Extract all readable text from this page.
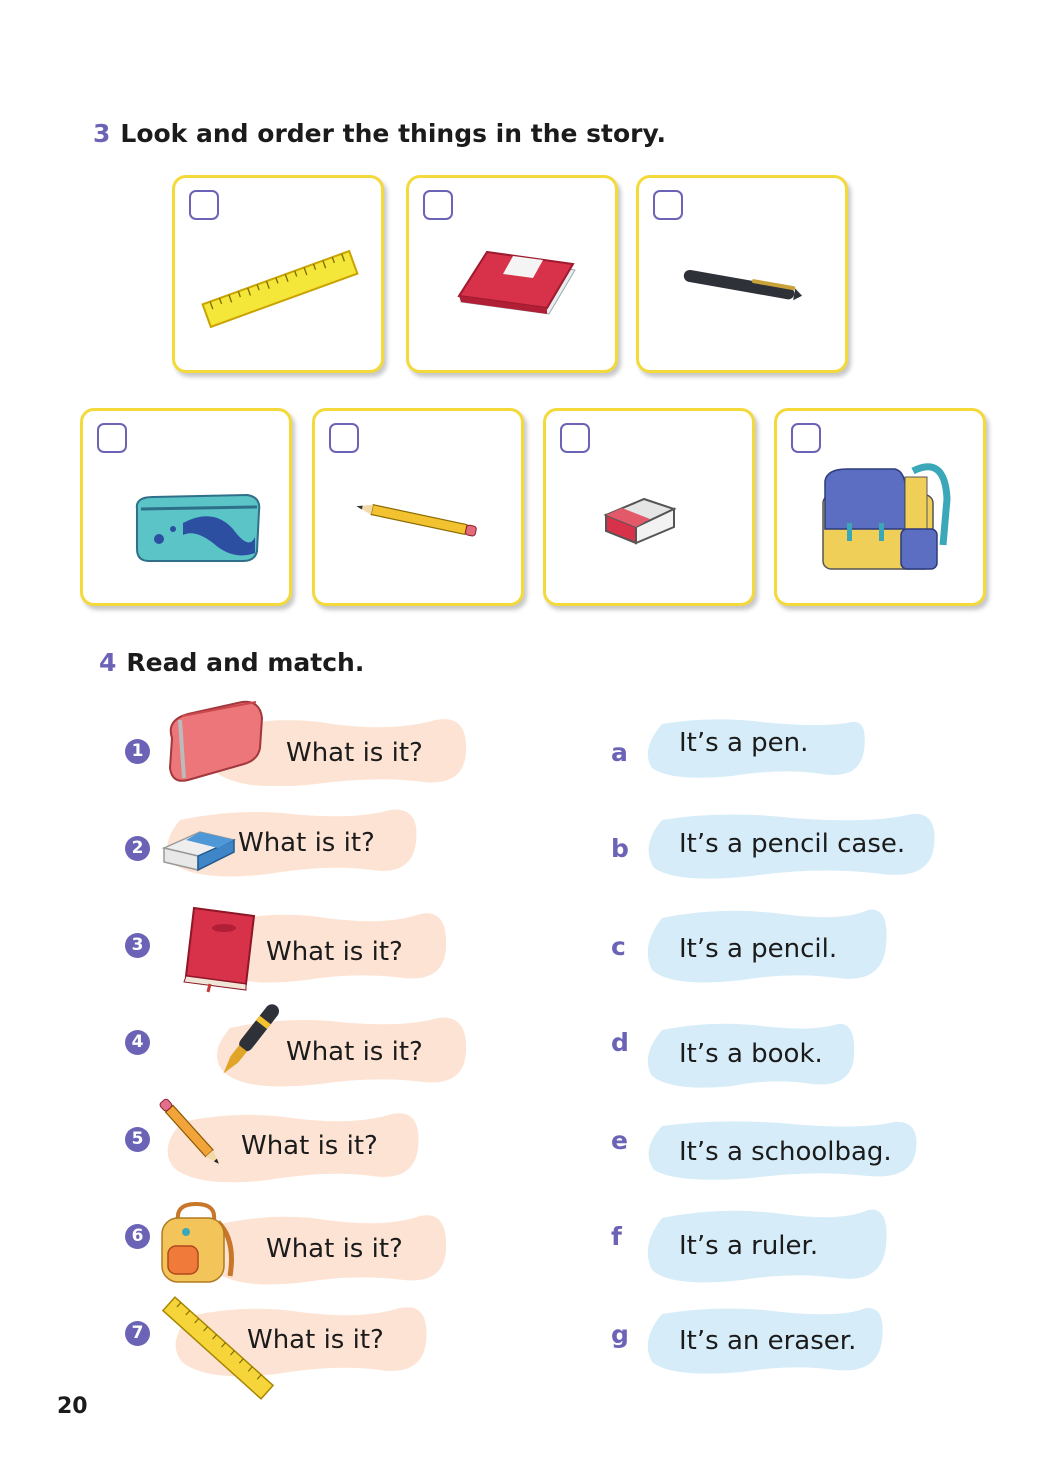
3 Look and order the things in the story.
4 Read and match.
1	What is it?
2	What is it?
3	What is it?
4	What is it?
5	What is it?
6	What is it?
7	What is it?
a It’s a pen.
b It’s a pencil case.
c It’s a pencil.
d It’s a book.
e It’s a schoolbag.
f It’s a ruler.
g It’s an eraser.
20
